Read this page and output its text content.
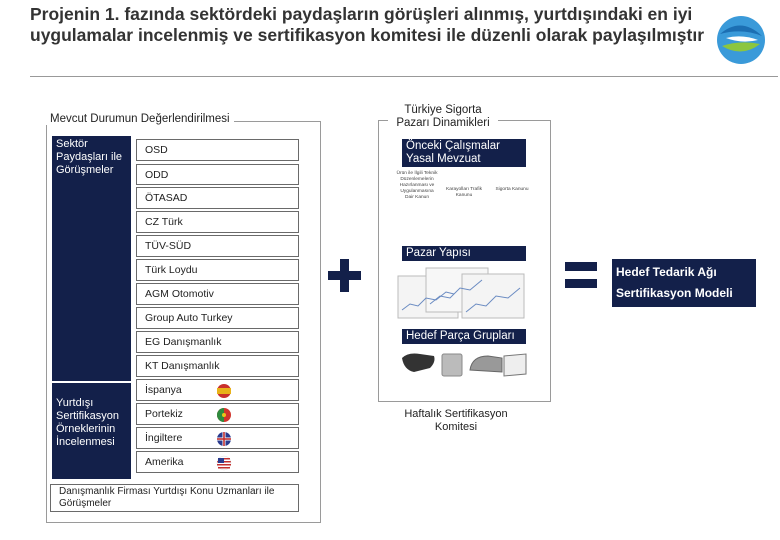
Projenin 1. fazında sektördeki paydaşların görüşleri alınmış, yurtdışındaki en iyi uygulamalar incelenmiş ve sertifikasyon komitesi ile düzenli olarak paylaşılmıştır
Mevcut Durumun Değerlendirilmesi
Sektör Paydaşları ile Görüşmeler
OSD
ODD
ÖTASAD
CZ Türk
TÜV-SÜD
Türk Loydu
AGM Otomotiv
Group Auto Turkey
EG Danışmanlık
KT Danışmanlık
Yurtdışı Sertifikasyon Örneklerinin İncelenmesi
İspanya
Portekiz
İngiltere
Amerika
Danışmanlık Firması Yurtdışı Konu Uzmanları ile Görüşmeler
Türkiye Sigorta Pazarı Dinamikleri
Önceki Çalışmalar Yasal Mevzuat
Ürün ile İlgili Teknik Düzenlemelerin Hazırlanması ve Uygulanmasına Dair Kanun
Karayolları Trafik Kanunu
Sigorta Kanunu
Pazar Yapısı
Hedef Parça Grupları
Haftalık Sertifikasyon Komitesi
Hedef Tedarik Ağı Sertifikasyon Modeli
